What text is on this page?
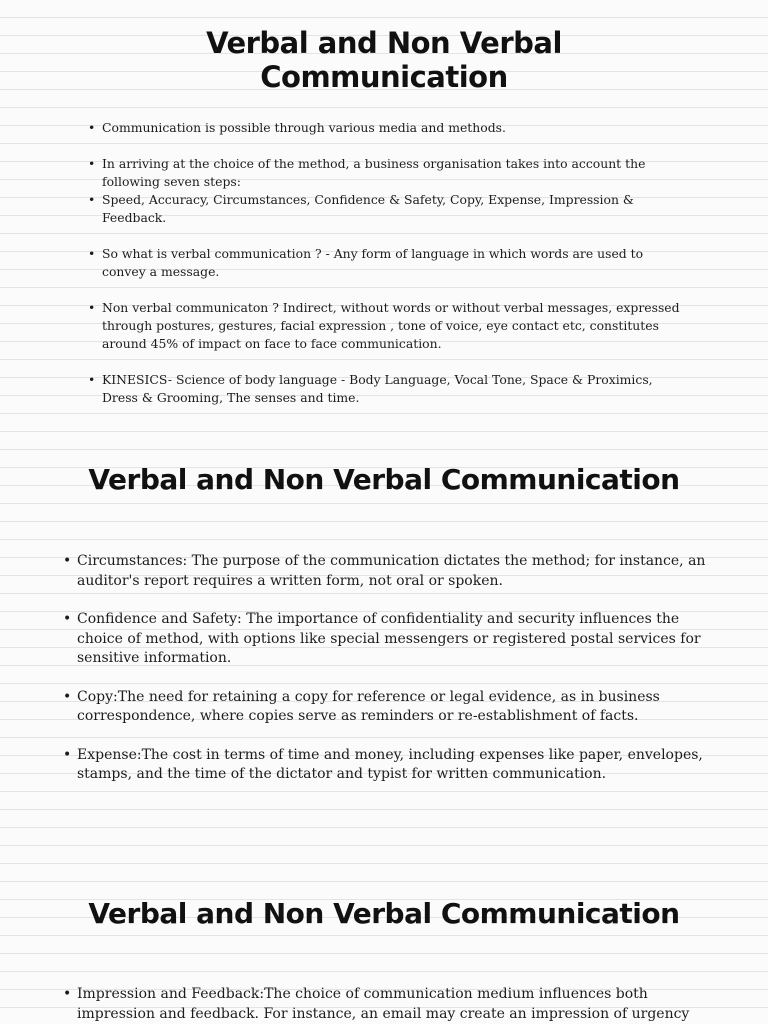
Verbal and Non Verbal
Communication
• Communication is possible through various media and methods.
• In arriving at the choice of the method, a business organisation takes into account the following seven steps:
• Speed, Accuracy, Circumstances, Confidence & Safety, Copy, Expense, Impression & Feedback.
• So what is verbal communication ? - Any form of language in which words are used to convey a message.
• Non verbal communicaton ? Indirect, without words or without verbal messages, expressed through postures, gestures, facial expression , tone of voice, eye contact etc, constitutes around 45% of impact on face to face communication.
• KINESICS- Science of body language - Body Language, Vocal Tone, Space & Proximics, Dress & Grooming, The senses and time.
Verbal and Non Verbal Communication
• Circumstances: The purpose of the communication dictates the method; for instance, an auditor's report requires a written form, not oral or spoken.
• Confidence and Safety: The importance of confidentiality and security influences the choice of method, with options like special messengers or registered postal services for sensitive information.
• Copy:The need for retaining a copy for reference or legal evidence, as in business correspondence, where copies serve as reminders or re-establishment of facts.
• Expense:The cost in terms of time and money, including expenses like paper, envelopes, stamps, and the time of the dictator and typist for written communication.
Verbal and Non Verbal Communication
• Impression and Feedback:The choice of communication medium influences both impression and feedback. For instance, an email may create an impression of urgency
